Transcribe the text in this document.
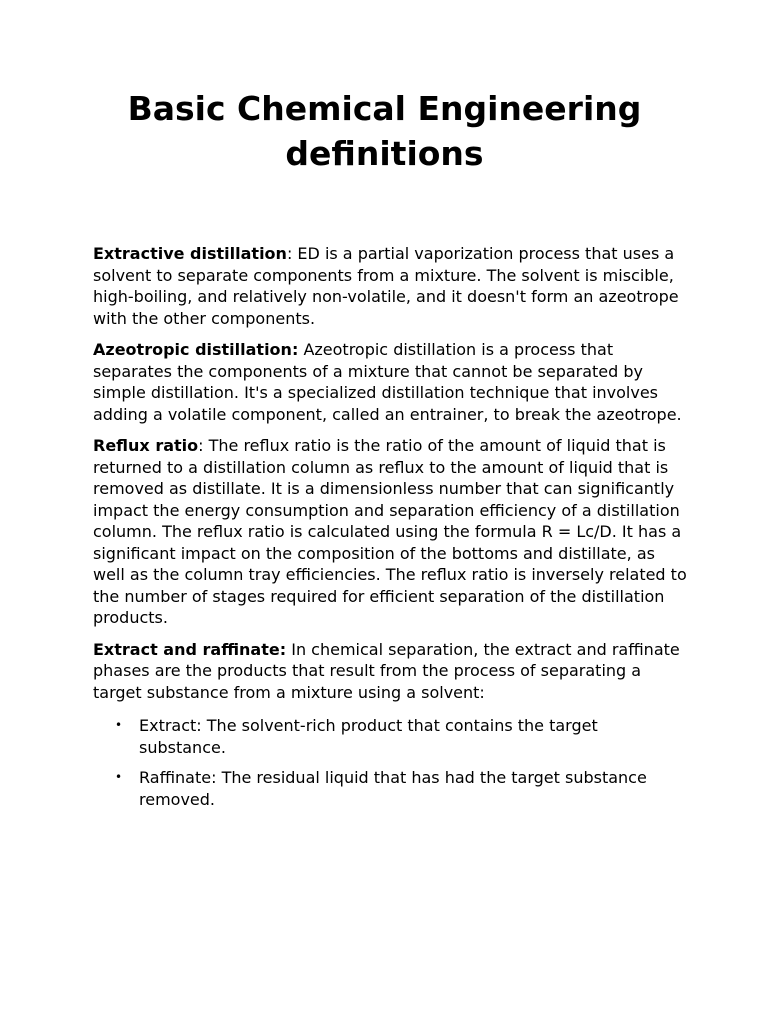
Basic Chemical Engineering definitions

Extractive distillation: ED is a partial vaporization process that uses a solvent to separate components from a mixture. The solvent is miscible, high-boiling, and relatively non-volatile, and it doesn't form an azeotrope with the other components.

Azeotropic distillation: Azeotropic distillation is a process that separates the components of a mixture that cannot be separated by simple distillation. It's a specialized distillation technique that involves adding a volatile component, called an entrainer, to break the azeotrope.

Reflux ratio: The reflux ratio is the ratio of the amount of liquid that is returned to a distillation column as reflux to the amount of liquid that is removed as distillate. It is a dimensionless number that can significantly impact the energy consumption and separation efficiency of a distillation column. The reflux ratio is calculated using the formula R = Lc/D. It has a significant impact on the composition of the bottoms and distillate, as well as the column tray efficiencies. The reflux ratio is inversely related to the number of stages required for efficient separation of the distillation products.

Extract and raffinate: In chemical separation, the extract and raffinate phases are the products that result from the process of separating a target substance from a mixture using a solvent:

• Extract: The solvent-rich product that contains the target substance.
• Raffinate: The residual liquid that has had the target substance removed.
